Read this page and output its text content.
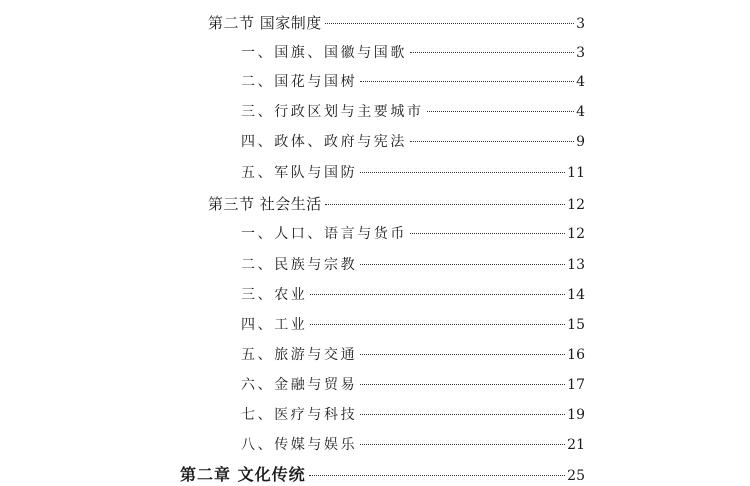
第二节 国家制度	3
一、国旗、国徽与国歌	3
二、国花与国树	4
三、行政区划与主要城市	4
四、政体、政府与宪法	9
五、军队与国防	11
第三节 社会生活	12
一、人口、语言与货币	12
二、民族与宗教	13
三、农业	14
四、工业	15
五、旅游与交通	16
六、金融与贸易	17
七、医疗与科技	19
八、传媒与娱乐	21
第二章 文化传统	25
